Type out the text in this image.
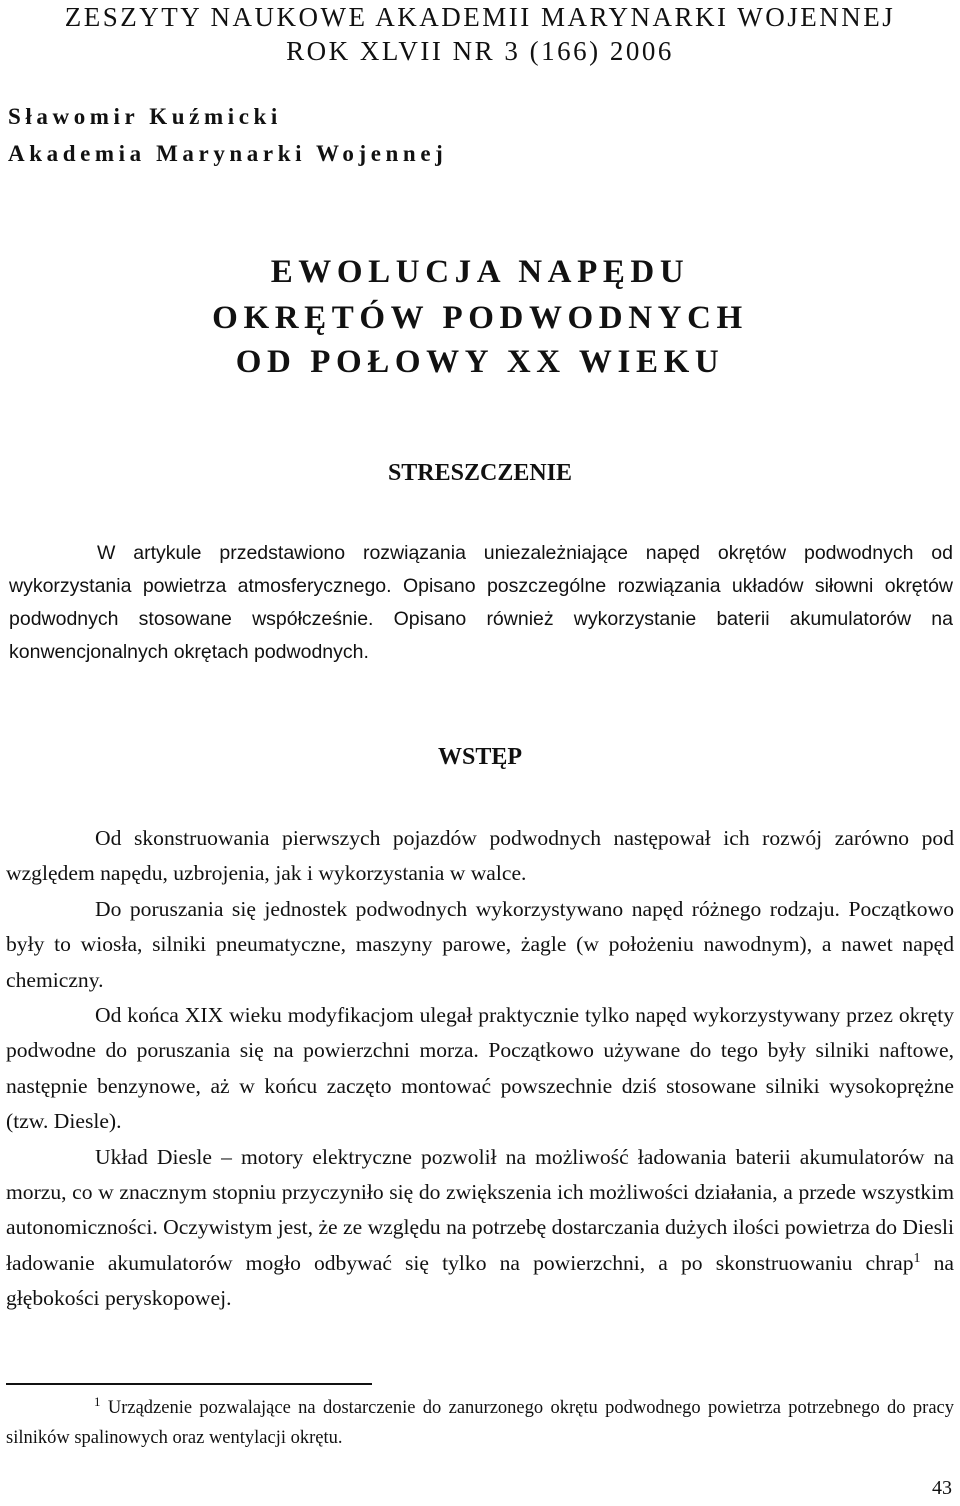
ZESZYTY NAUKOWE AKADEMII MARYNARKI WOJENNEJ
ROK XLVII NR 3 (166) 2006
Sławomir Kuźmicki
Akademia Marynarki Wojennej
EWOLUCJA NAPĘDU
OKRĘTÓW PODWODNYCH
OD POŁOWY XX WIEKU
STRESZCZENIE

W artykule przedstawiono rozwiązania uniezależniające napęd okrętów podwodnych od wykorzystania powietrza atmosferycznego. Opisano poszczególne rozwiązania układów siłowni okrętów podwodnych stosowane współcześnie. Opisano również wykorzystanie baterii akumulatorów na konwencjonalnych okrętach podwodnych.

WSTĘP

Od skonstruowania pierwszych pojazdów podwodnych następował ich rozwój zarówno pod względem napędu, uzbrojenia, jak i wykorzystania w walce.

Do poruszania się jednostek podwodnych wykorzystywano napęd różnego rodzaju. Początkowo były to wiosła, silniki pneumatyczne, maszyny parowe, żagle (w położeniu nawodnym), a nawet napęd chemiczny.

Od końca XIX wieku modyfikacjom ulegał praktycznie tylko napęd wykorzystywany przez okręty podwodne do poruszania się na powierzchni morza. Początkowo używane do tego były silniki naftowe, następnie benzynowe, aż w końcu zaczęto montować powszechnie dziś stosowane silniki wysokoprężne (tzw. Diesle).

Układ Diesle – motory elektryczne pozwolił na możliwość ładowania baterii akumulatorów na morzu, co w znacznym stopniu przyczyniło się do zwiększenia ich możliwości działania, a przede wszystkim autonomiczności. Oczywistym jest, że ze względu na potrzebę dostarczania dużych ilości powietrza do Diesli ładowanie akumulatorów mogło odbywać się tylko na powierzchni, a po skonstruowaniu chrap$^1$ na głębokości peryskopowej.

$^1$ Urządzenie pozwalające na dostarczenie do zanurzonego okrętu podwodnego powietrza potrzebnego do pracy silników spalinowych oraz wentylacji okrętu.

43
